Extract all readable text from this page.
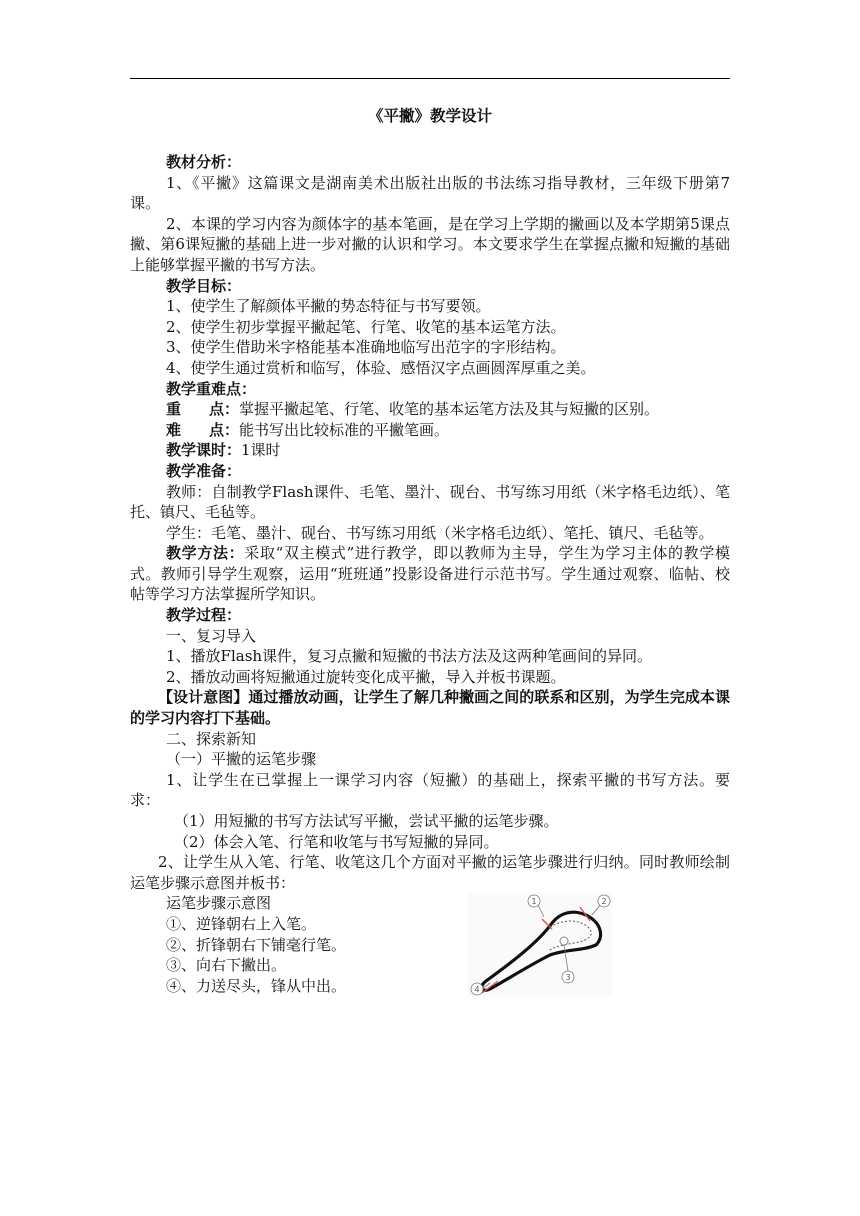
《平撇》教学设计

教材分析：

1、《平撇》这篇课文是湖南美术出版社出版的书法练习指导教材，三年级下册第7课。

2、本课的学习内容为颜体字的基本笔画，是在学习上学期的撇画以及本学期第5课点撇、第6课短撇的基础上进一步对撇的认识和学习。本文要求学生在掌握点撇和短撇的基础上能够掌握平撇的书写方法。

教学目标：

1、使学生了解颜体平撇的势态特征与书写要领。

2、使学生初步掌握平撇起笔、行笔、收笔的基本运笔方法。

3、使学生借助米字格能基本准确地临写出范字的字形结构。

4、使学生通过赏析和临写，体验、感悟汉字点画圆浑厚重之美。

教学重难点：

重 点：掌握平撇起笔、行笔、收笔的基本运笔方法及其与短撇的区别。

难 点：能书写出比较标准的平撇笔画。

教学课时：1课时

教学准备：

教师：自制教学Flash课件、毛笔、墨汁、砚台、书写练习用纸（米字格毛边纸）、笔托、镇尺、毛毡等。

学生：毛笔、墨汁、砚台、书写练习用纸（米字格毛边纸）、笔托、镇尺、毛毡等。

教学方法：采取“双主模式”进行教学，即以教师为主导，学生为学习主体的教学模式。教师引导学生观察，运用“班班通”投影设备进行示范书写。学生通过观察、临帖、校帖等学习方法掌握所学知识。

教学过程：

一、复习导入

1、播放Flash课件，复习点撇和短撇的书法方法及这两种笔画间的异同。

2、播放动画将短撇通过旋转变化成平撇，导入并板书课题。

【设计意图】通过播放动画，让学生了解几种撇画之间的联系和区别，为学生完成本课的学习内容打下基础。

二、探索新知

（一）平撇的运笔步骤

1、让学生在已掌握上一课学习内容（短撇）的基础上，探索平撇的书写方法。要求：

（1）用短撇的书写方法试写平撇，尝试平撇的运笔步骤。

（2）体会入笔、行笔和收笔与书写短撇的异同。

2、让学生从入笔、行笔、收笔这几个方面对平撇的运笔步骤进行归纳。同时教师绘制运笔步骤示意图并板书：

运笔步骤示意图
①、逆锋朝右上入笔。
②、折锋朝右下铺毫行笔。
③、向右下撇出。
④、力送尽头，锋从中出。
1	2
3
4
